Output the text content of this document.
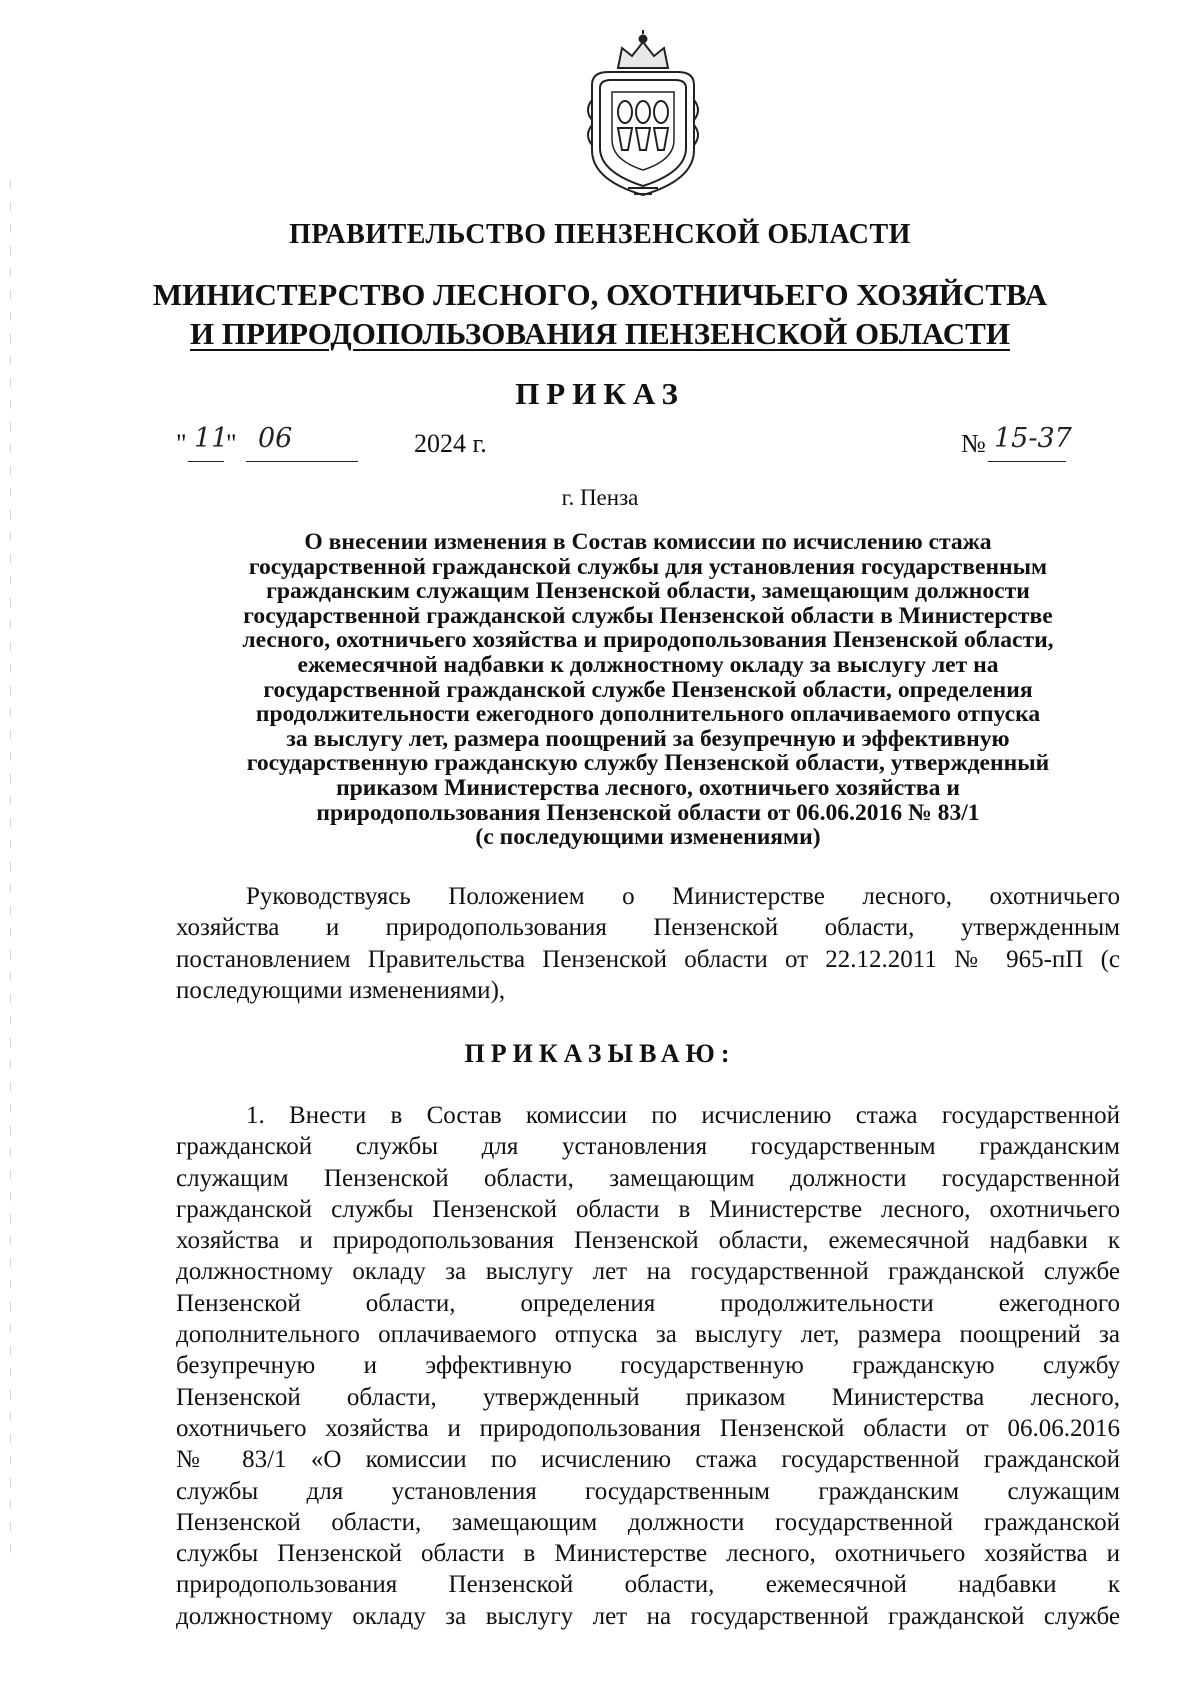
ПРАВИТЕЛЬСТВО ПЕНЗЕНСКОЙ ОБЛАСТИ
МИНИСТЕРСТВО ЛЕСНОГО, ОХОТНИЧЬЕГО ХОЗЯЙСТВА
И ПРИРОДОПОЛЬЗОВАНИЯ ПЕНЗЕНСКОЙ ОБЛАСТИ
ПРИКАЗ
" 11
" 06	2024 г.	№ 15-37
г. Пенза
О внесении изменения в Состав комиссии по исчислению стажа
государственной гражданской службы для установления государственным
гражданским служащим Пензенской области, замещающим должности
государственной гражданской службы Пензенской области в Министерстве
лесного, охотничьего хозяйства и природопользования Пензенской области,
ежемесячной надбавки к должностному окладу за выслугу лет на
государственной гражданской службе Пензенской области, определения
продолжительности ежегодного дополнительного оплачиваемого отпуска
за выслугу лет, размера поощрений за безупречную и эффективную
государственную гражданскую службу Пензенской области, утвержденный
приказом Министерства лесного, охотничьего хозяйства и
природопользования Пензенской области от 06.06.2016 № 83/1
(с последующими изменениями)
Руководствуясь Положением о Министерстве лесного, охотничьего
хозяйства и природопользования Пензенской области, утвержденным
постановлением Правительства Пензенской области от 22.12.2011 № 965-пП (с
последующими изменениями),
ПРИКАЗЫВАЮ:
1. Внести в Состав комиссии по исчислению стажа государственной
гражданской службы для установления государственным гражданским
служащим Пензенской области, замещающим должности государственной
гражданской службы Пензенской области в Министерстве лесного, охотничьего
хозяйства и природопользования Пензенской области, ежемесячной надбавки к
должностному окладу за выслугу лет на государственной гражданской службе
Пензенской области, определения продолжительности ежегодного
дополнительного оплачиваемого отпуска за выслугу лет, размера поощрений за
безупречную и эффективную государственную гражданскую службу
Пензенской области, утвержденный приказом Министерства лесного,
охотничьего хозяйства и природопользования Пензенской области от 06.06.2016
№ 83/1 «О комиссии по исчислению стажа государственной гражданской
службы для установления государственным гражданским служащим
Пензенской области, замещающим должности государственной гражданской
службы Пензенской области в Министерстве лесного, охотничьего хозяйства и
природопользования Пензенской области, ежемесячной надбавки к
должностному окладу за выслугу лет на государственной гражданской службе
